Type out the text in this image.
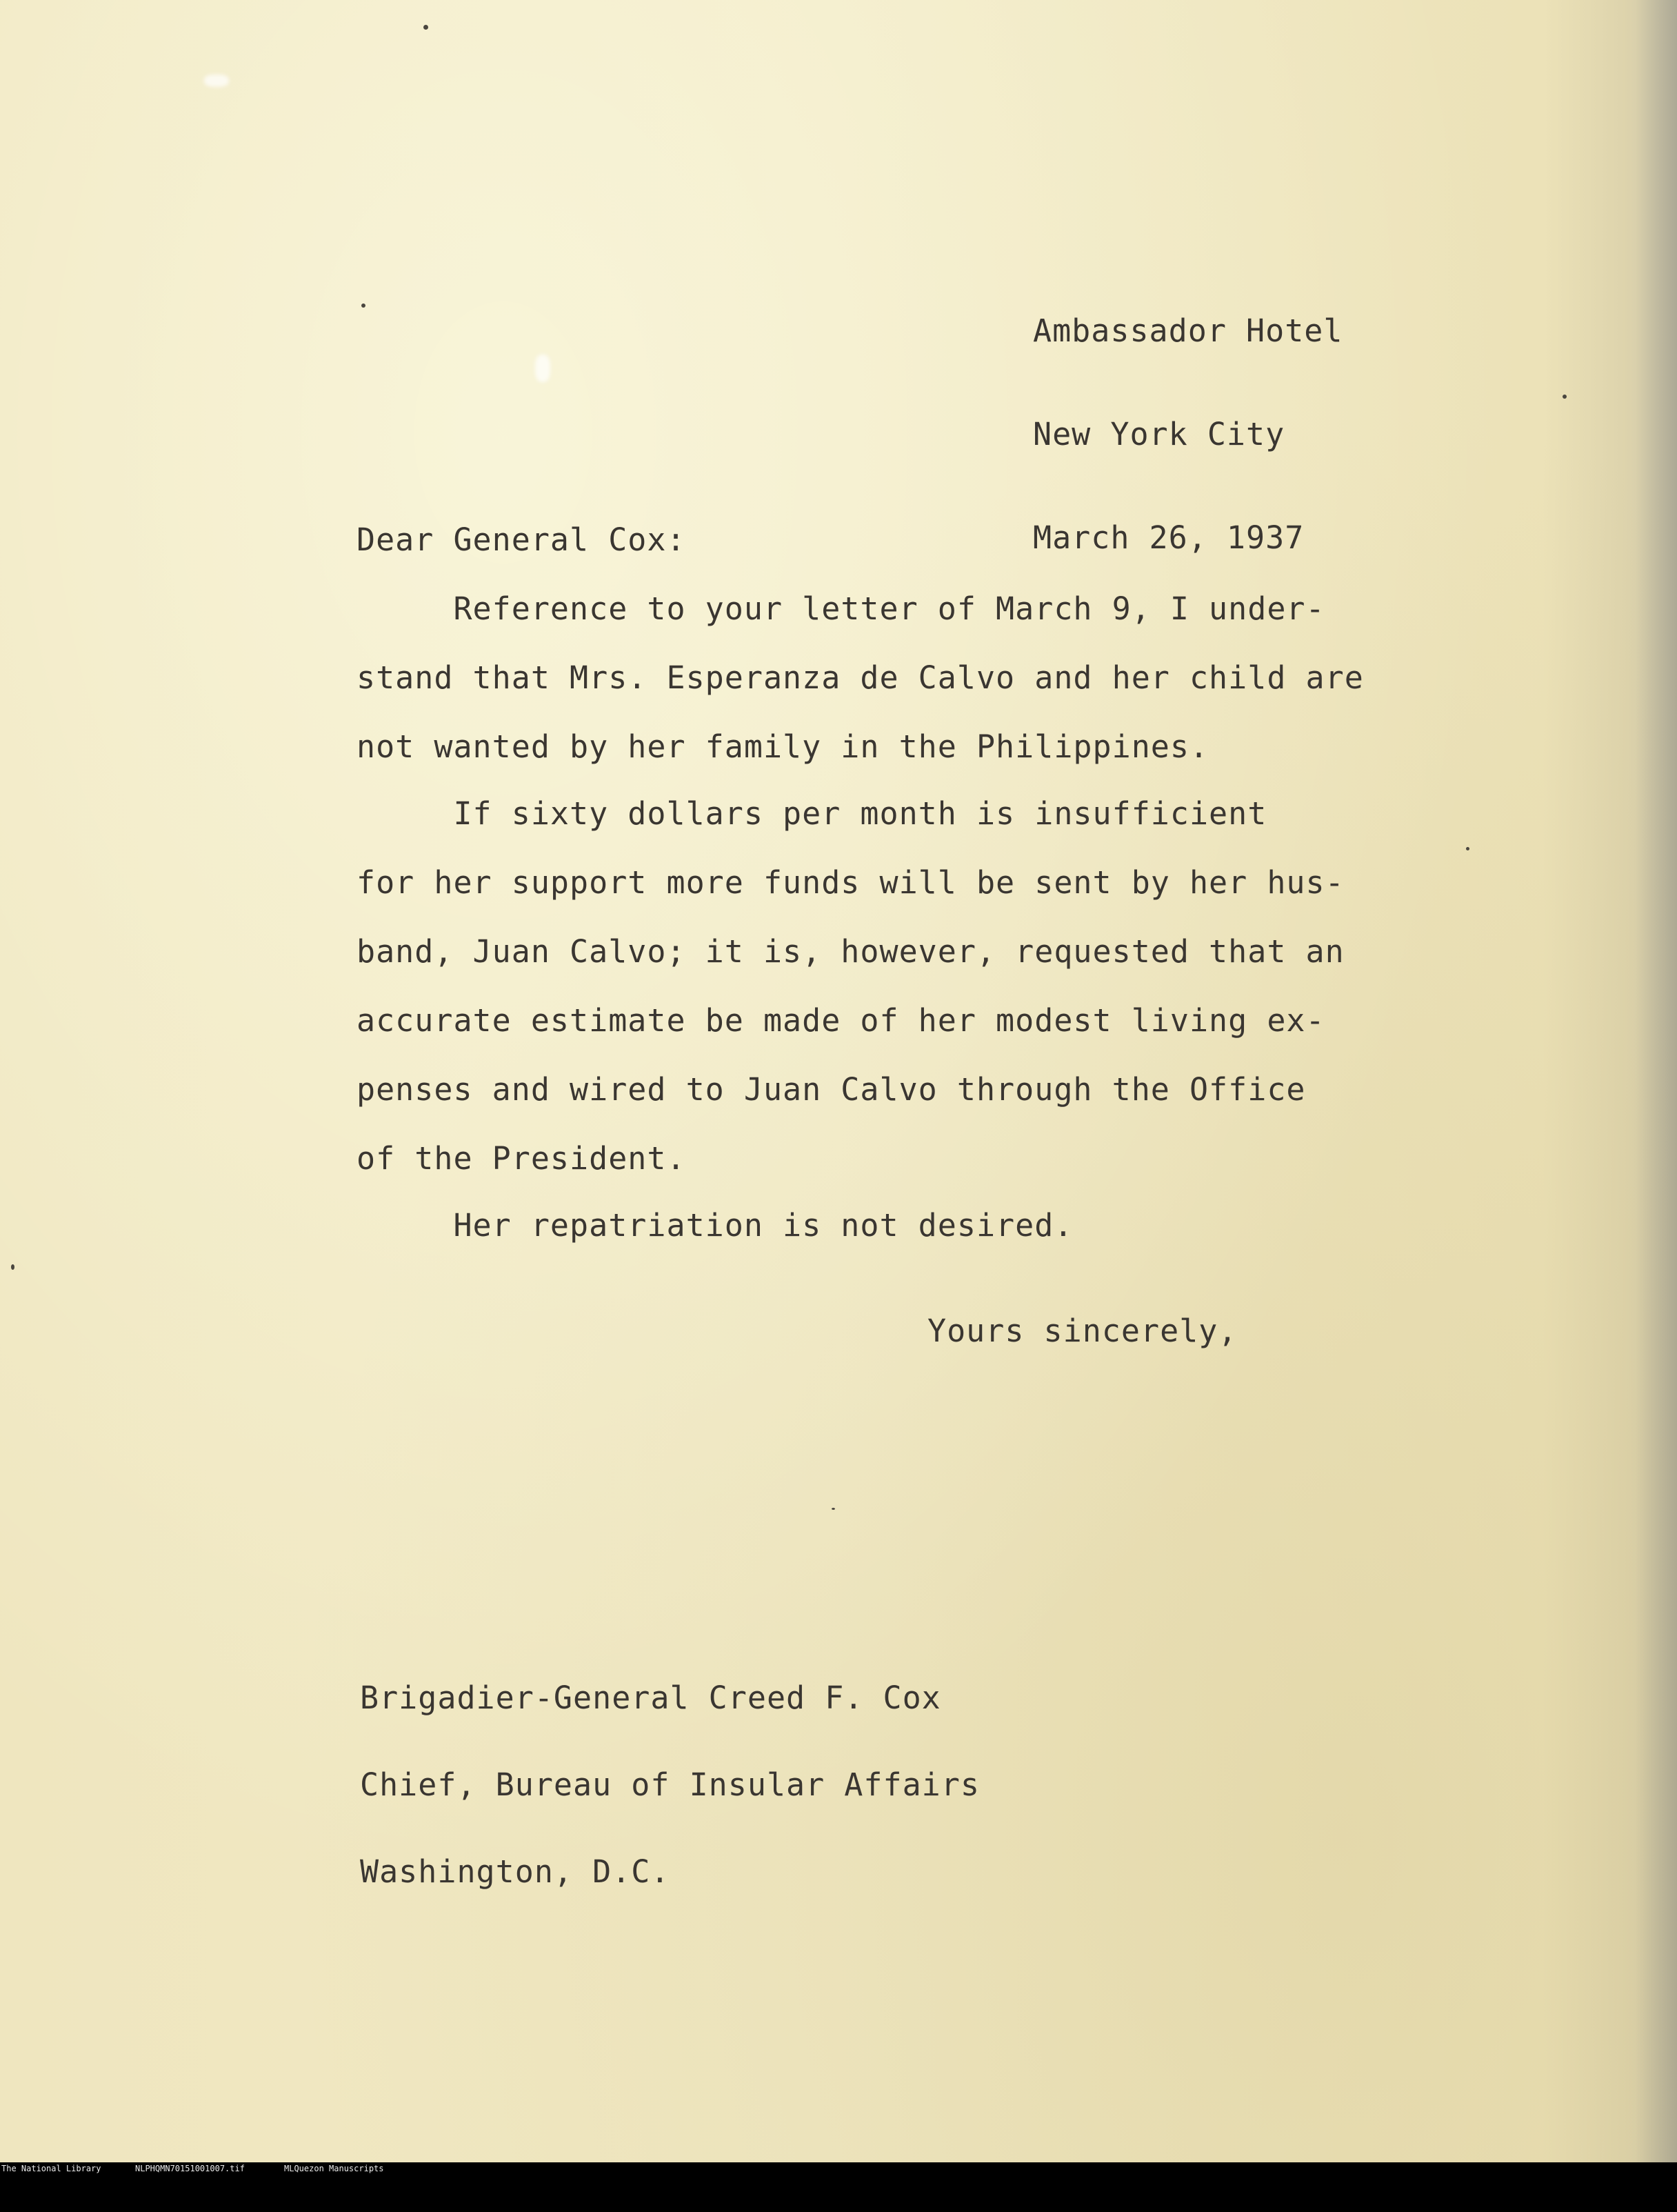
Ambassador Hotel

New York City

March 26, 1937

Dear General Cox:
Reference to your letter of March 9, I under-
stand that Mrs. Esperanza de Calvo and her child are
not wanted by her family in the Philippines.
If sixty dollars per month is insufficient
for her support more funds will be sent by her hus-
band, Juan Calvo; it is, however, requested that an
accurate estimate be made of her modest living ex-
penses and wired to Juan Calvo through the Office
of the President.
Her repatriation is not desired.
Yours sincerely,

Brigadier-General Creed F. Cox

Chief, Bureau of Insular Affairs

Washington, D.C.

The National Library

	NLPHQMN70151001007.tif

	MLQuezon Manuscripts
